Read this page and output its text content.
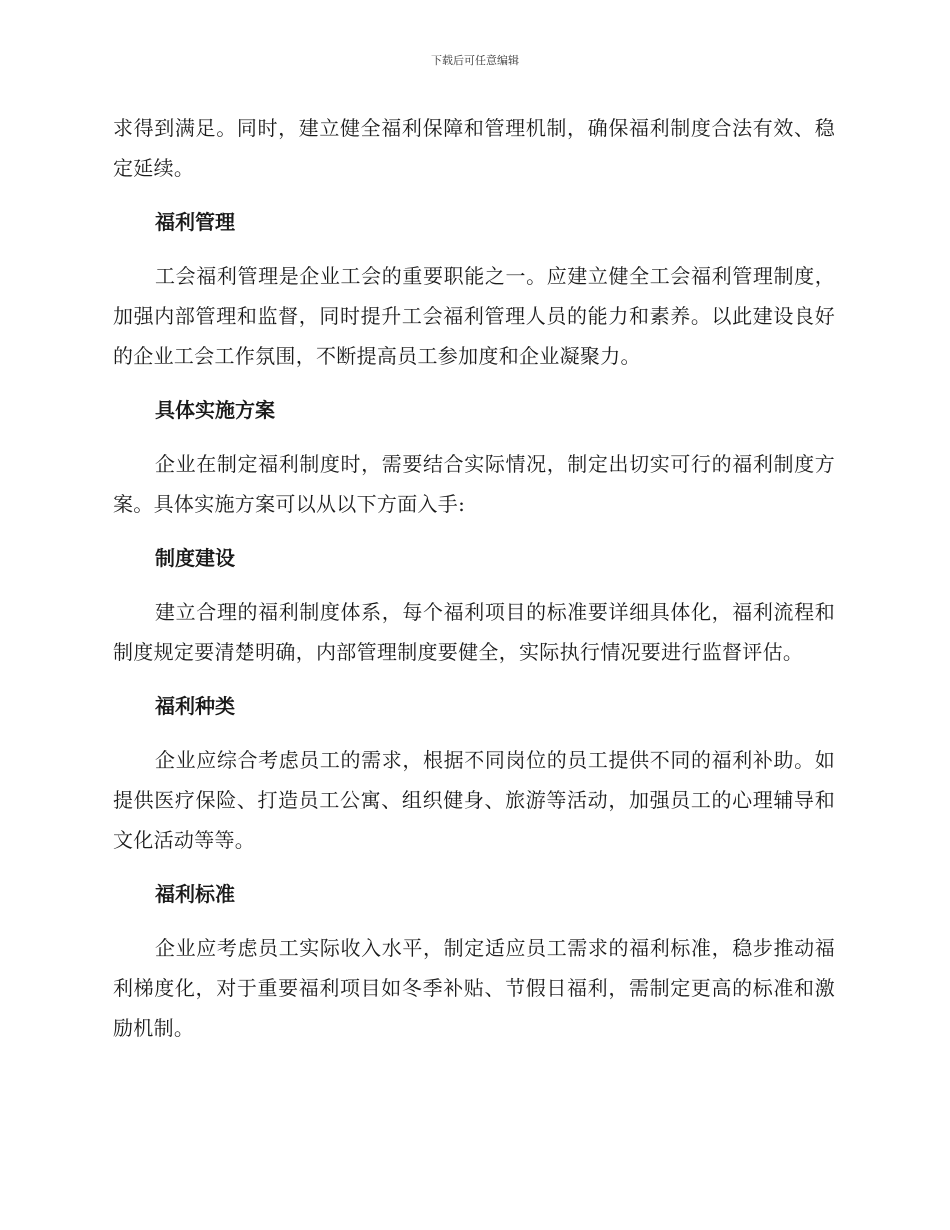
下载后可任意编辑

求得到满足。同时，建立健全福利保障和管理机制，确保福利制度合法有效、稳定延续。

福利管理

工会福利管理是企业工会的重要职能之一。应建立健全工会福利管理制度，加强内部管理和监督，同时提升工会福利管理人员的能力和素养。以此建设良好的企业工会工作氛围，不断提高员工参加度和企业凝聚力。

具体实施方案

企业在制定福利制度时，需要结合实际情况，制定出切实可行的福利制度方案。具体实施方案可以从以下方面入手:

制度建设

建立合理的福利制度体系，每个福利项目的标准要详细具体化，福利流程和制度规定要清楚明确，内部管理制度要健全，实际执行情况要进行监督评估。

福利种类

企业应综合考虑员工的需求，根据不同岗位的员工提供不同的福利补助。如提供医疗保险、打造员工公寓、组织健身、旅游等活动，加强员工的心理辅导和文化活动等等。

福利标准

企业应考虑员工实际收入水平，制定适应员工需求的福利标准，稳步推动福利梯度化，对于重要福利项目如冬季补贴、节假日福利，需制定更高的标准和激励机制。
